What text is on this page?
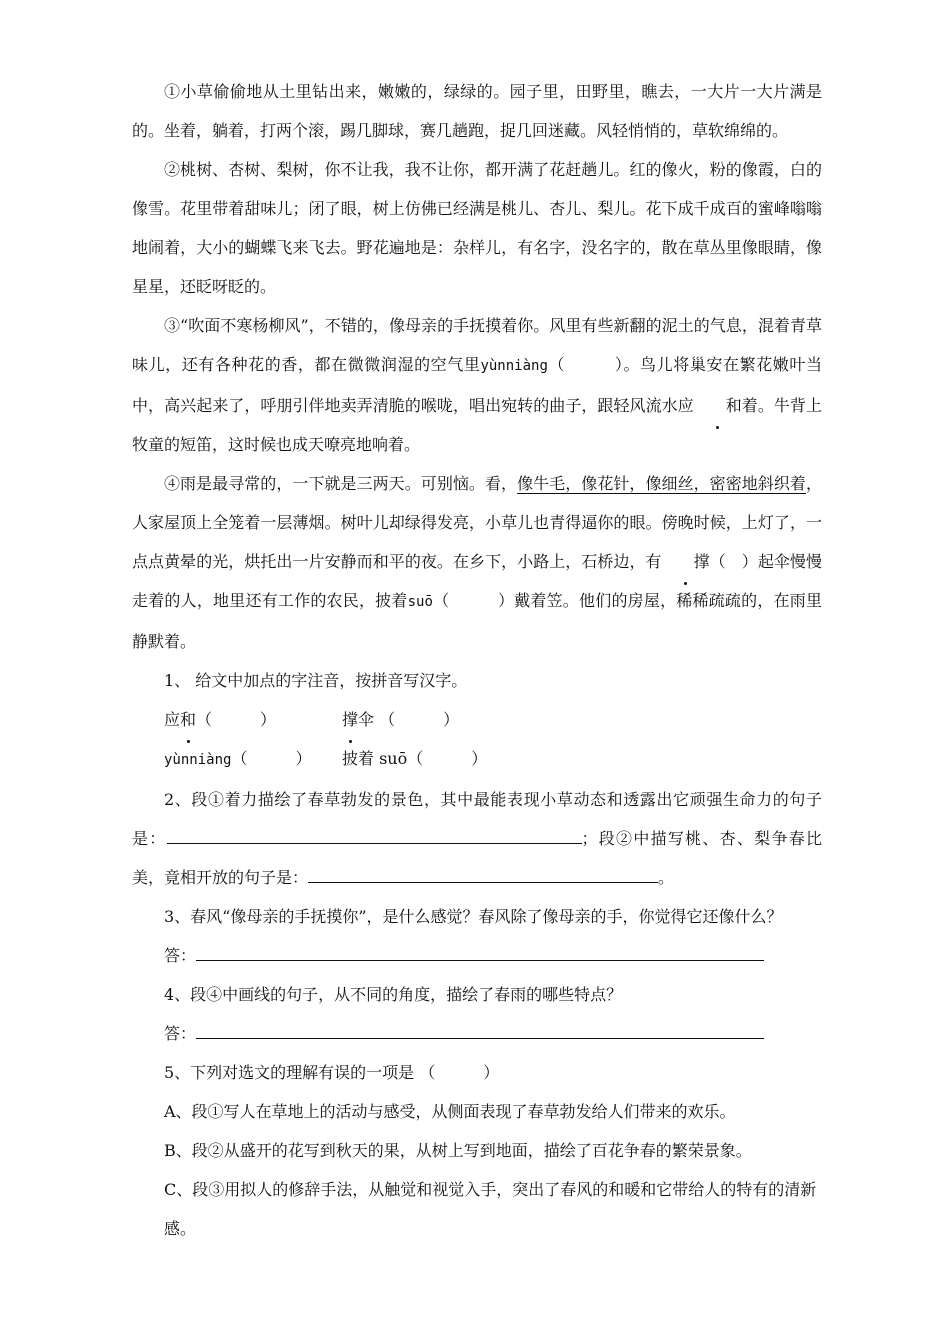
①小草偷偷地从土里钻出来，嫩嫩的，绿绿的。园子里，田野里，瞧去，一大片一大片满是的。坐着，躺着，打两个滚，踢几脚球，赛几趟跑，捉几回迷藏。风轻悄悄的，草软绵绵的。

②桃树、杏树、梨树，你不让我，我不让你，都开满了花赶趟儿。红的像火，粉的像霞，白的像雪。花里带着甜味儿；闭了眼，树上仿佛已经满是桃儿、杏儿、梨儿。花下成千成百的蜜峰嗡嗡地闹着，大小的蝴蝶飞来飞去。野花遍地是：杂样儿，有名字，没名字的，散在草丛里像眼睛，像星星，还眨呀眨的。

③“吹面不寒杨柳风”，不错的，像母亲的手抚摸着你。风里有些新翻的泥土的气息，混着青草味儿，还有各种花的香，都在微微润湿的空气里yùnniàng（　　　）。鸟儿将巢安在繁花嫩叶当中，高兴起来了，呼朋引伴地卖弄清脆的喉咙，唱出宛转的曲子，跟轻风流水应 和着。牛背上牧童的短笛，这时候也成天嘹亮地响着。

④雨是最寻常的，一下就是三两天。可别恼。看，像牛毛，像花针，像细丝，密密地斜织着，人家屋顶上全笼着一层薄烟。树叶儿却绿得发亮，小草儿也青得逼你的眼。傍晚时候，上灯了，一点点黄晕的光，烘托出一片安静而和平的夜。在乡下，小路上，石桥边，有 撑（　）起伞慢慢走着的人，地里还有工作的农民，披着suō（　　　）戴着笠。他们的房屋，稀稀疏疏的，在雨里静默着。

1、 给文中加点的字注音，按拼音写汉字。

应和（　　　）	撑伞 （　　　）
yùnniàng（　　　）	披着 suō（　　　）

2、段①着力描绘了春草勃发的景色，其中最能表现小草动态和透露出它顽强生命力的句子是：	；段②中描写桃、杏、梨争春比美，竟相开放的句子是：	。

3、春风“像母亲的手抚摸你”，是什么感觉？春风除了像母亲的手，你觉得它还像什么？

答：

4、段④中画线的句子，从不同的角度，描绘了春雨的哪些特点？

答：

5、下列对选文的理解有误的一项是 （　　　）

A、段①写人在草地上的活动与感受，从侧面表现了春草勃发给人们带来的欢乐。

B、段②从盛开的花写到秋天的果，从树上写到地面，描绘了百花争春的繁荣景象。

C、段③用拟人的修辞手法，从触觉和视觉入手，突出了春风的和暖和它带给人的特有的清新感。
